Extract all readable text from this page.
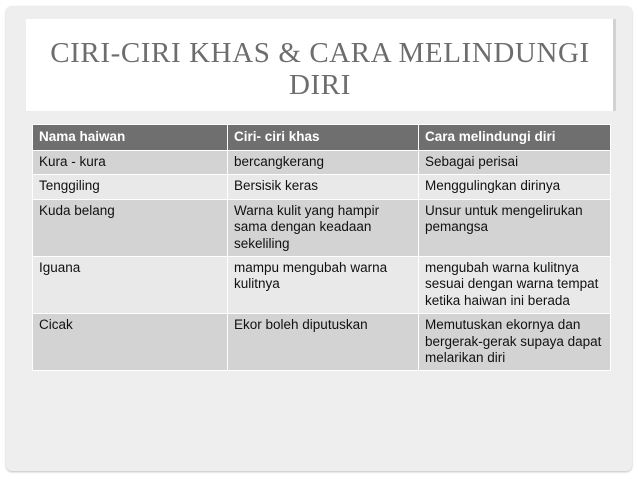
CIRI-CIRI KHAS & CARA MELINDUNGI
DIRI
Nama haiwan	Ciri- ciri khas	Cara melindungi diri
Kura - kura	bercangkerang	Sebagai perisai
Tenggiling	Bersisik keras	Menggulingkan dirinya
Kuda belang	Warna kulit yang hampir sama dengan keadaan sekeliling	Unsur untuk mengelirukan pemangsa
Iguana	mampu mengubah warna kulitnya	mengubah warna kulitnya sesuai dengan warna tempat ketika haiwan ini berada
Cicak	Ekor boleh diputuskan	Memutuskan ekornya dan bergerak-gerak supaya dapat melarikan diri
